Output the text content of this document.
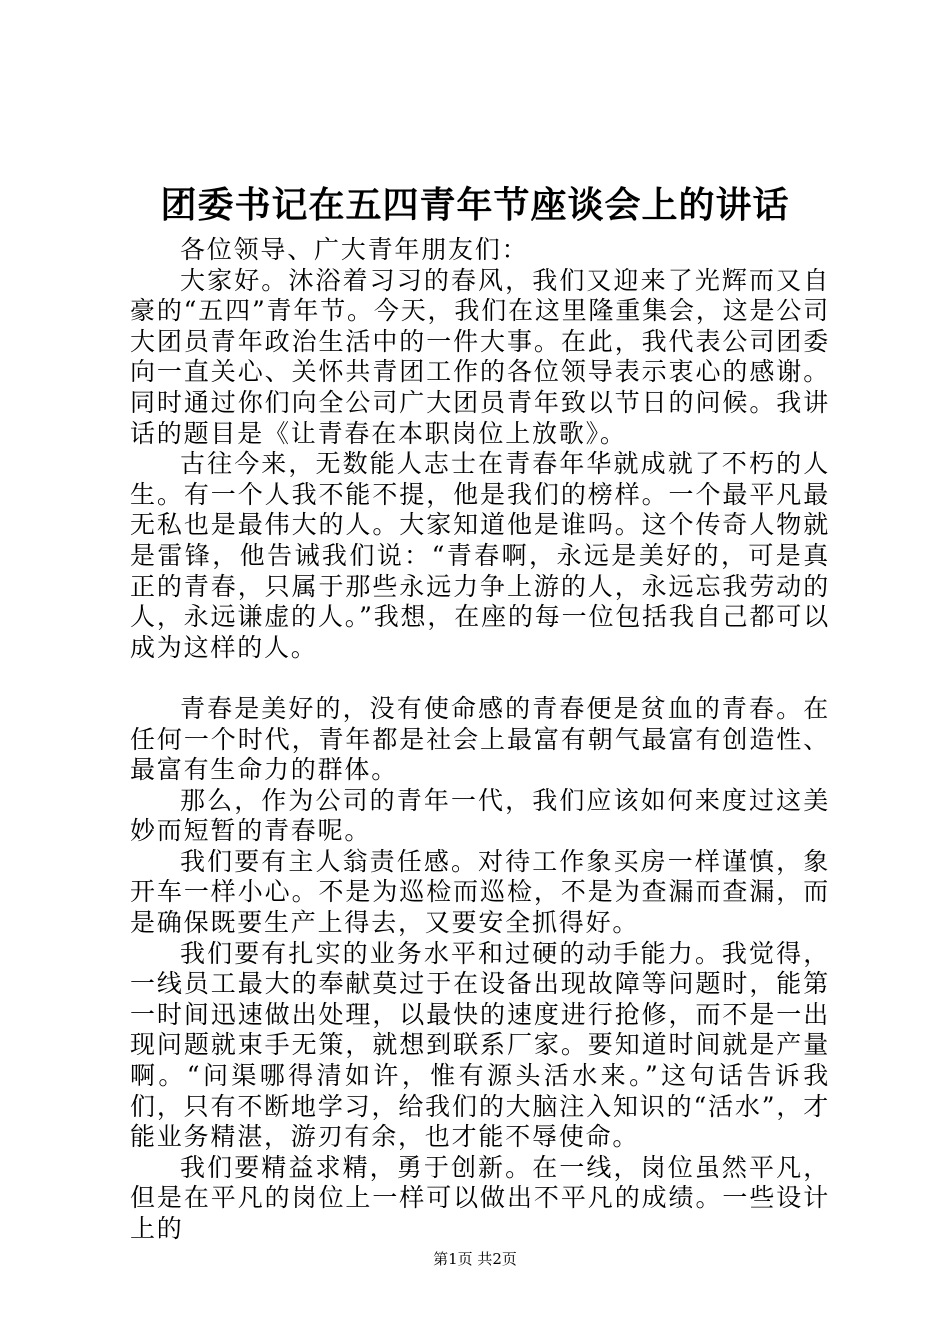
团委书记在五四青年节座谈会上的讲话

各位领导、广大青年朋友们：

大家好。沐浴着习习的春风，我们又迎来了光辉而又自豪的“五四”青年节。今天，我们在这里隆重集会，这是公司大团员青年政治生活中的一件大事。在此，我代表公司团委向一直关心、关怀共青团工作的各位领导表示衷心的感谢。同时通过你们向全公司广大团员青年致以节日的问候。我讲话的题目是《让青春在本职岗位上放歌》。

古往今来，无数能人志士在青春年华就成就了不朽的人生。有一个人我不能不提，他是我们的榜样。一个最平凡最无私也是最伟大的人。大家知道他是谁吗。这个传奇人物就是雷锋，他告诫我们说：“青春啊，永远是美好的，可是真正的青春，只属于那些永远力争上游的人，永远忘我劳动的人，永远谦虚的人。”我想，在座的每一位包括我自己都可以成为这样的人。

青春是美好的，没有使命感的青春便是贫血的青春。在任何一个时代，青年都是社会上最富有朝气最富有创造性、最富有生命力的群体。

那么，作为公司的青年一代，我们应该如何来度过这美妙而短暂的青春呢。

我们要有主人翁责任感。对待工作象买房一样谨慎，象开车一样小心。不是为巡检而巡检，不是为查漏而查漏，而是确保既要生产上得去，又要安全抓得好。

我们要有扎实的业务水平和过硬的动手能力。我觉得，一线员工最大的奉献莫过于在设备出现故障等问题时，能第一时间迅速做出处理，以最快的速度进行抢修，而不是一出现问题就束手无策，就想到联系厂家。要知道时间就是产量啊。“问渠哪得清如许，惟有源头活水来。”这句话告诉我们，只有不断地学习，给我们的大脑注入知识的“活水”，才能业务精湛，游刃有余，也才能不辱使命。

我们要精益求精，勇于创新。在一线，岗位虽然平凡，但是在平凡的岗位上一样可以做出不平凡的成绩。一些设计上的

第1页 共2页
